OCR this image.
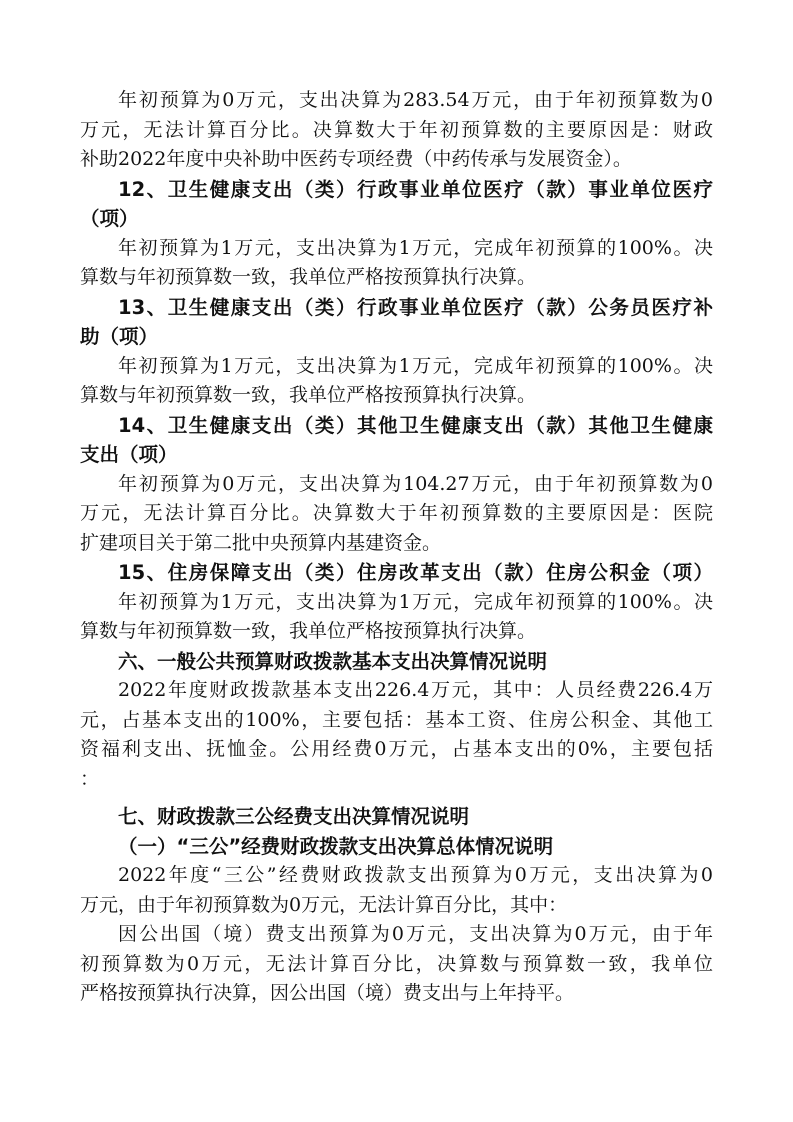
年初预算为0万元，支出决算为283.54万元，由于年初预算数为0
万元，无法计算百分比。决算数大于年初预算数的主要原因是：财政
补助2022年度中央补助中医药专项经费（中药传承与发展资金）。
12、卫生健康支出（类）行政事业单位医疗（款）事业单位医疗
（项）
年初预算为1万元，支出决算为1万元，完成年初预算的100%。决
算数与年初预算数一致，我单位严格按预算执行决算。
13、卫生健康支出（类）行政事业单位医疗（款）公务员医疗补
助（项）
年初预算为1万元，支出决算为1万元，完成年初预算的100%。决
算数与年初预算数一致，我单位严格按预算执行决算。
14、卫生健康支出（类）其他卫生健康支出（款）其他卫生健康
支出（项）
年初预算为0万元，支出决算为104.27万元，由于年初预算数为0
万元，无法计算百分比。决算数大于年初预算数的主要原因是：医院
扩建项目关于第二批中央预算内基建资金。
15、住房保障支出（类）住房改革支出（款）住房公积金（项）
年初预算为1万元，支出决算为1万元，完成年初预算的100%。决
算数与年初预算数一致，我单位严格按预算执行决算。
六、一般公共预算财政拨款基本支出决算情况说明
2022年度财政拨款基本支出226.4万元，其中：人员经费226.4万
元，占基本支出的100%，主要包括：基本工资、住房公积金、其他工
资福利支出、抚恤金。公用经费0万元，占基本支出的0%，主要包括
：
七、财政拨款三公经费支出决算情况说明
（一）“三公”经费财政拨款支出决算总体情况说明
2022年度“三公”经费财政拨款支出预算为0万元，支出决算为0
万元，由于年初预算数为0万元，无法计算百分比，其中：
因公出国（境）费支出预算为0万元，支出决算为0万元，由于年
初预算数为0万元，无法计算百分比，决算数与预算数一致，我单位
严格按预算执行决算，因公出国（境）费支出与上年持平。
